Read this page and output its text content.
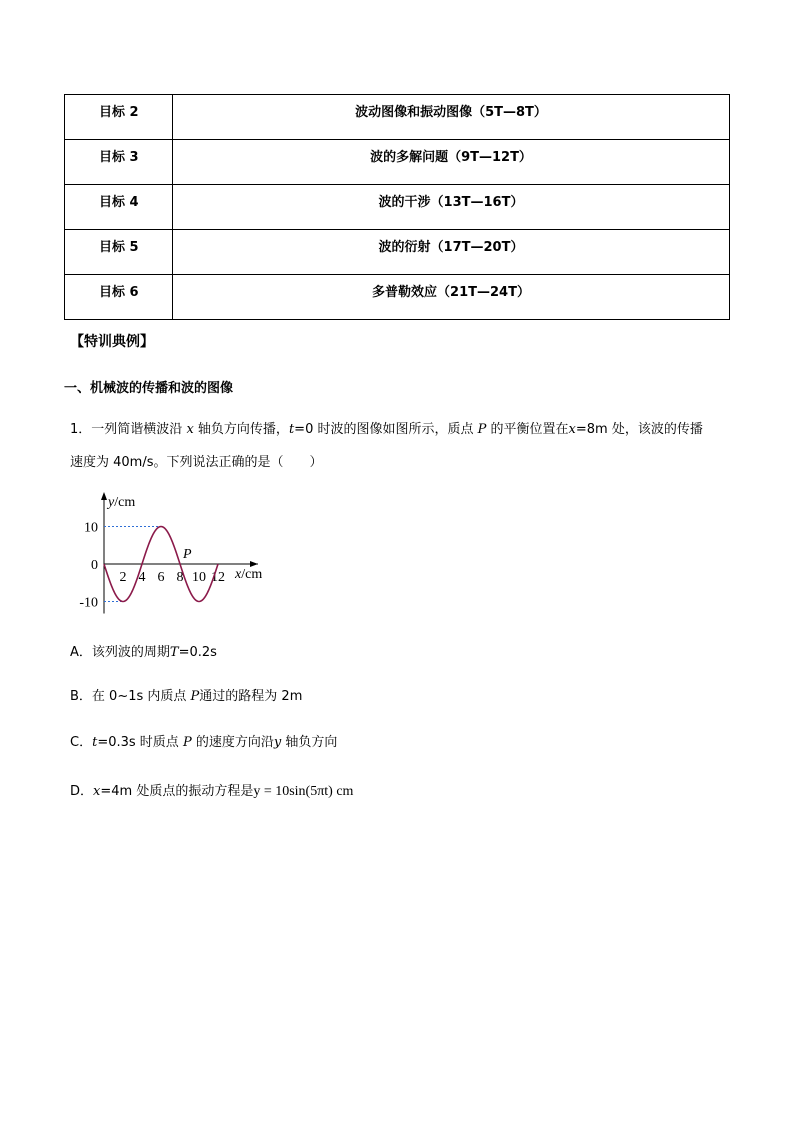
目标 2	波动图像和振动图像（5T—8T）
目标 3	波的多解问题（9T—12T）
目标 4	波的干涉（13T—16T）
目标 5	波的衍射（17T—20T）
目标 6	多普勒效应（21T—24T）
【特训典例】
一、机械波的传播和波的图像
1．一列简谐横波沿 x 轴负方向传播，t=0 时波的图像如图所示，质点 P 的平衡位置在x=8m 处，该波的传播
速度为 40m/s。下列说法正确的是（　　）
y/cm
x/cm
2 4 6 8 10 12
10
0
-10
P
A．该列波的周期T=0.2s
B．在 0~1s 内质点 P通过的路程为 2m
C．t=0.3s 时质点 P 的速度方向沿y 轴负方向
D．x=4m 处质点的振动方程是y = 10sin(5πt) cm
